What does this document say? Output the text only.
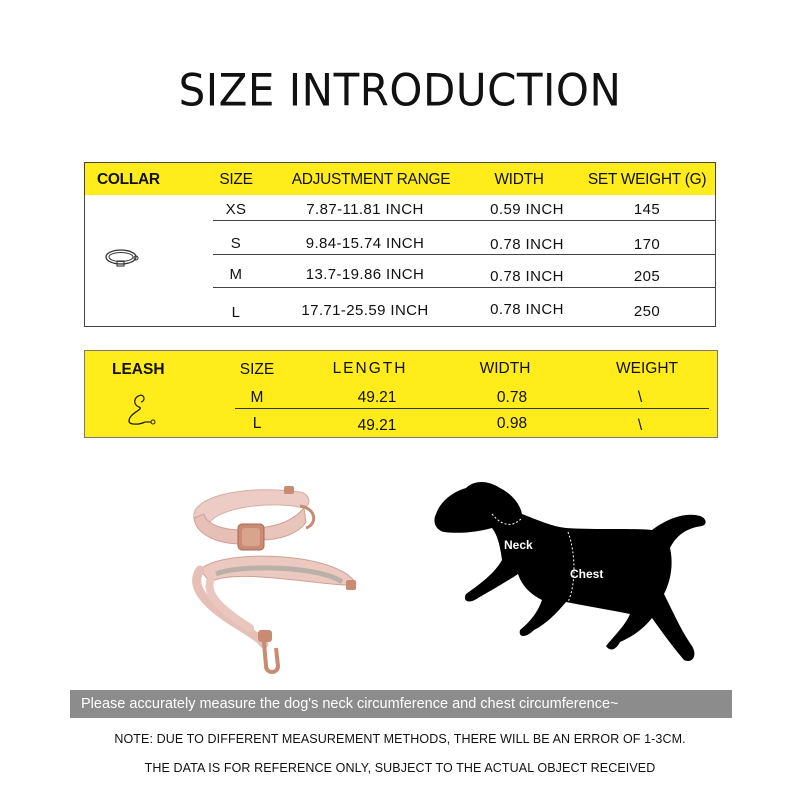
SIZE INTRODUCTION
COLLAR	SIZE	ADJUSTMENT RANGE	WIDTH	SET WEIGHT (G)
XS	7.87-11.81 INCH	0.59 INCH	145
S	9.84-15.74 INCH	0.78 INCH	170
M	13.7-19.86 INCH	0.78 INCH	205
L	17.71-25.59 INCH	0.78 INCH	250
LEASH	SIZE	LENGTH	WIDTH	WEIGHT
M	49.21	0.78	\
L	49.21	0.98	\
Neck
Chest
Please accurately measure the dog's neck circumference and chest circumference~
NOTE: DUE TO DIFFERENT MEASUREMENT METHODS, THERE WILL BE AN ERROR OF 1-3CM.
THE DATA IS FOR REFERENCE ONLY, SUBJECT TO THE ACTUAL OBJECT RECEIVED
